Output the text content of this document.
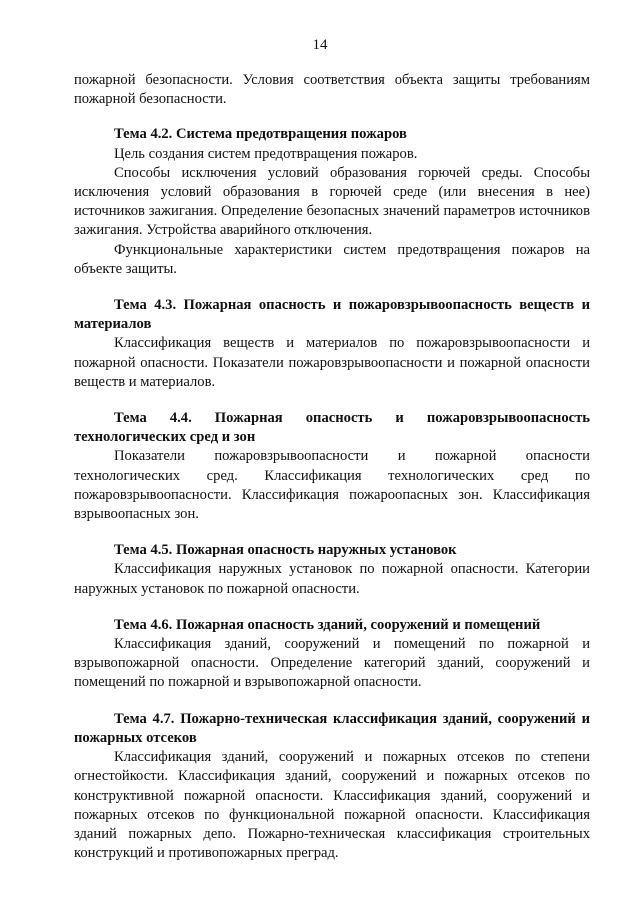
14

пожарной безопасности. Условия соответствия объекта защиты требованиям пожарной безопасности.

Тема 4.2. Система предотвращения пожаров

Цель создания систем предотвращения пожаров.

Способы исключения условий образования горючей среды. Способы исключения условий образования в горючей среде (или внесения в нее) источников зажигания. Определение безопасных значений параметров источников зажигания. Устройства аварийного отключения.

Функциональные характеристики систем предотвращения пожаров на объекте защиты.

Тема 4.3. Пожарная опасность и пожаровзрывоопасность веществ и материалов

Классификация веществ и материалов по пожаровзрывоопасности и пожарной опасности. Показатели пожаровзрывоопасности и пожарной опасности веществ и материалов.

Тема 4.4. Пожарная опасность и пожаровзрывоопасность технологических сред и зон

Показатели пожаровзрывоопасности и пожарной опасности технологических сред. Классификация технологических сред по пожаровзрывоопасности. Классификация пожароопасных зон. Классификация взрывоопасных зон.

Тема 4.5. Пожарная опасность наружных установок

Классификация наружных установок по пожарной опасности. Категории наружных установок по пожарной опасности.

Тема 4.6. Пожарная опасность зданий, сооружений и помещений

Классификация зданий, сооружений и помещений по пожарной и взрывопожарной опасности. Определение категорий зданий, сооружений и помещений по пожарной и взрывопожарной опасности.

Тема 4.7. Пожарно-техническая классификация зданий, сооружений и пожарных отсеков

Классификация зданий, сооружений и пожарных отсеков по степени огнестойкости. Классификация зданий, сооружений и пожарных отсеков по конструктивной пожарной опасности. Классификация зданий, сооружений и пожарных отсеков по функциональной пожарной опасности. Классификация зданий пожарных депо. Пожарно-техническая классификация строительных конструкций и противопожарных преград.
